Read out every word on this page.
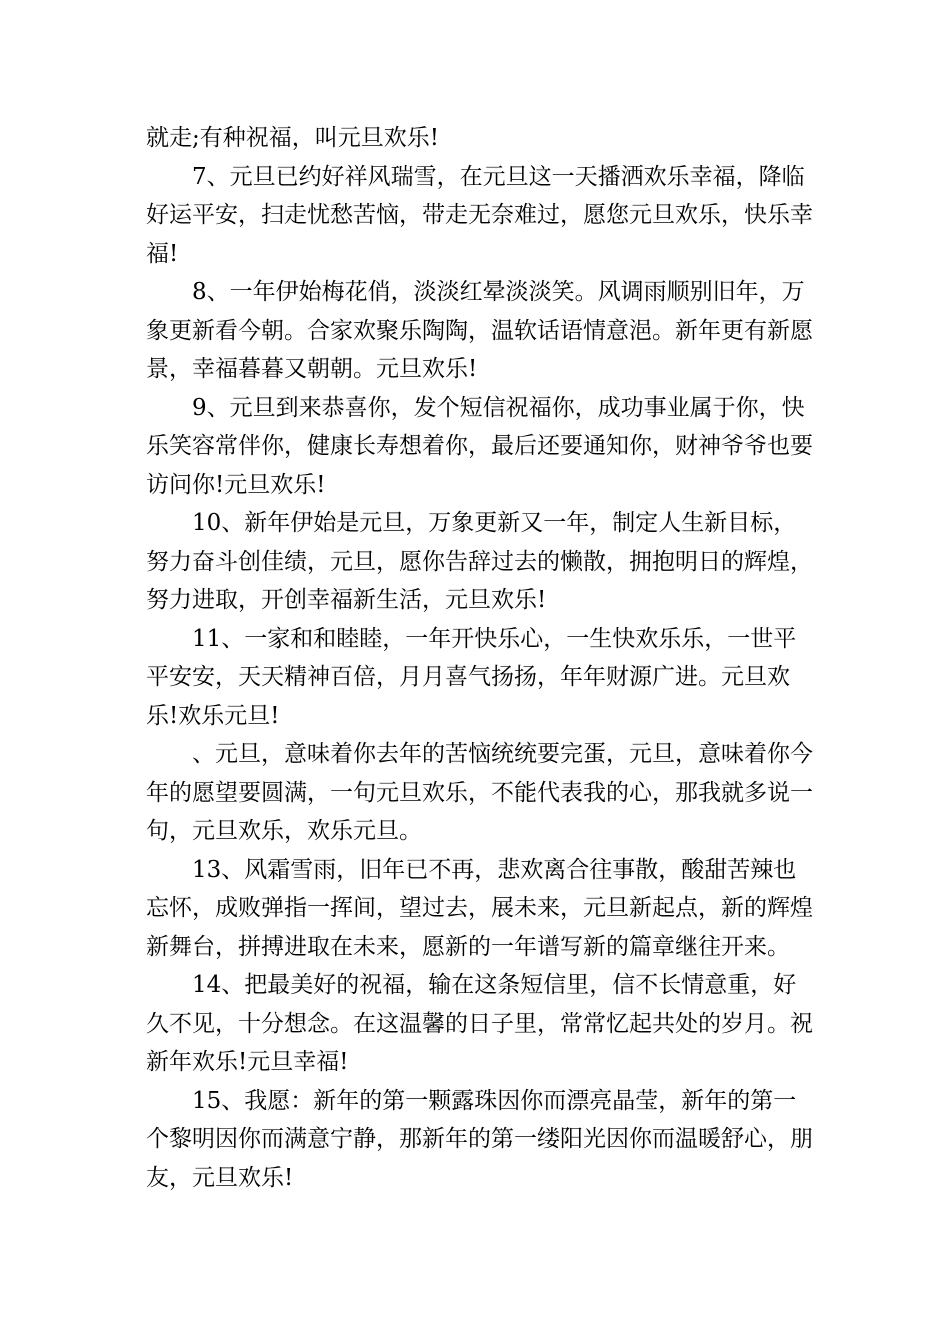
就走;有种祝福，叫元旦欢乐!

7、元旦已约好祥风瑞雪，在元旦这一天播洒欢乐幸福，降临好运平安，扫走忧愁苦恼，带走无奈难过，愿您元旦欢乐，快乐幸福!

8、一年伊始梅花俏，淡淡红晕淡淡笑。风调雨顺别旧年，万象更新看今朝。合家欢聚乐陶陶，温软话语情意浥。新年更有新愿景，幸福暮暮又朝朝。元旦欢乐!

9、元旦到来恭喜你，发个短信祝福你，成功事业属于你，快乐笑容常伴你，健康长寿想着你，最后还要通知你，财神爷爷也要访问你!元旦欢乐!

10、新年伊始是元旦，万象更新又一年，制定人生新目标，努力奋斗创佳绩，元旦，愿你告辞过去的懒散，拥抱明日的辉煌，努力进取，开创幸福新生活，元旦欢乐!

11、一家和和睦睦，一年开快乐心，一生快欢乐乐，一世平平安安，天天精神百倍，月月喜气扬扬，年年财源广进。元旦欢乐!欢乐元旦!

、元旦，意味着你去年的苦恼统统要完蛋，元旦，意味着你今年的愿望要圆满，一句元旦欢乐，不能代表我的心，那我就多说一句，元旦欢乐，欢乐元旦。

13、风霜雪雨，旧年已不再，悲欢离合往事散，酸甜苦辣也忘怀，成败弹指一挥间，望过去，展未来，元旦新起点，新的辉煌新舞台，拼搏进取在未来，愿新的一年谱写新的篇章继往开来。

14、把最美好的祝福，输在这条短信里，信不长情意重，好久不见，十分想念。在这温馨的日子里，常常忆起共处的岁月。祝新年欢乐!元旦幸福!

15、我愿：新年的第一颗露珠因你而漂亮晶莹，新年的第一个黎明因你而满意宁静，那新年的第一缕阳光因你而温暖舒心，朋友，元旦欢乐!
